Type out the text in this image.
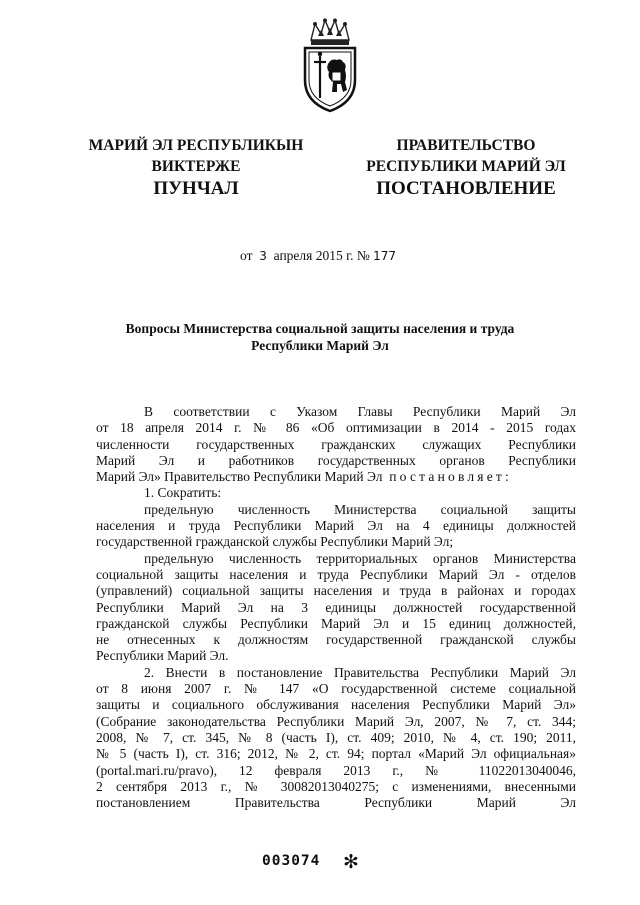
МАРИЙ ЭЛ РЕСПУБЛИКЫН
ВИКТЕРЖЕ
ПРАВИТЕЛЬСТВО
РЕСПУБЛИКИ МАРИЙ ЭЛ
ПУНЧАЛ	ПОСТАНОВЛЕНИЕ
от 3 апреля 2015 г. № 177
Вопросы Министерства социальной защиты населения и труда
Республики Марий Эл
В соответствии с Указом Главы Республики Марий Эл
от 18 апреля 2014 г. № 86 «Об оптимизации в 2014 - 2015 годах
численности государственных гражданских служащих Республики
Марий Эл и работников государственных органов Республики
Марий Эл» Правительство Республики Марий Эл постановляет:
1. Сократить:
предельную численность Министерства социальной защиты
населения и труда Республики Марий Эл на 4 единицы должностей
государственной гражданской службы Республики Марий Эл;
предельную численность территориальных органов Министерства
социальной защиты населения и труда Республики Марий Эл - отделов
(управлений) социальной защиты населения и труда в районах и городах
Республики Марий Эл на 3 единицы должностей государственной
гражданской службы Республики Марий Эл и 15 единиц должностей,
не отнесенных к должностям государственной гражданской службы
Республики Марий Эл.
2. Внести в постановление Правительства Республики Марий Эл
от 8 июня 2007 г. № 147 «О государственной системе социальной
защиты и социального обслуживания населения Республики Марий Эл»
(Собрание законодательства Республики Марий Эл, 2007, № 7, ст. 344;
2008, № 7, ст. 345, № 8 (часть I), ст. 409; 2010, № 4, ст. 190; 2011,
№ 5 (часть I), ст. 316; 2012, № 2, ст. 94; портал «Марий Эл официальная»
(portal.mari.ru/pravo), 12 февраля 2013 г., № 11022013040046,
2 сентября 2013 г., № 30082013040275; с изменениями, внесенными
постановлением Правительства Республики Марий Эл
003074 ✻
